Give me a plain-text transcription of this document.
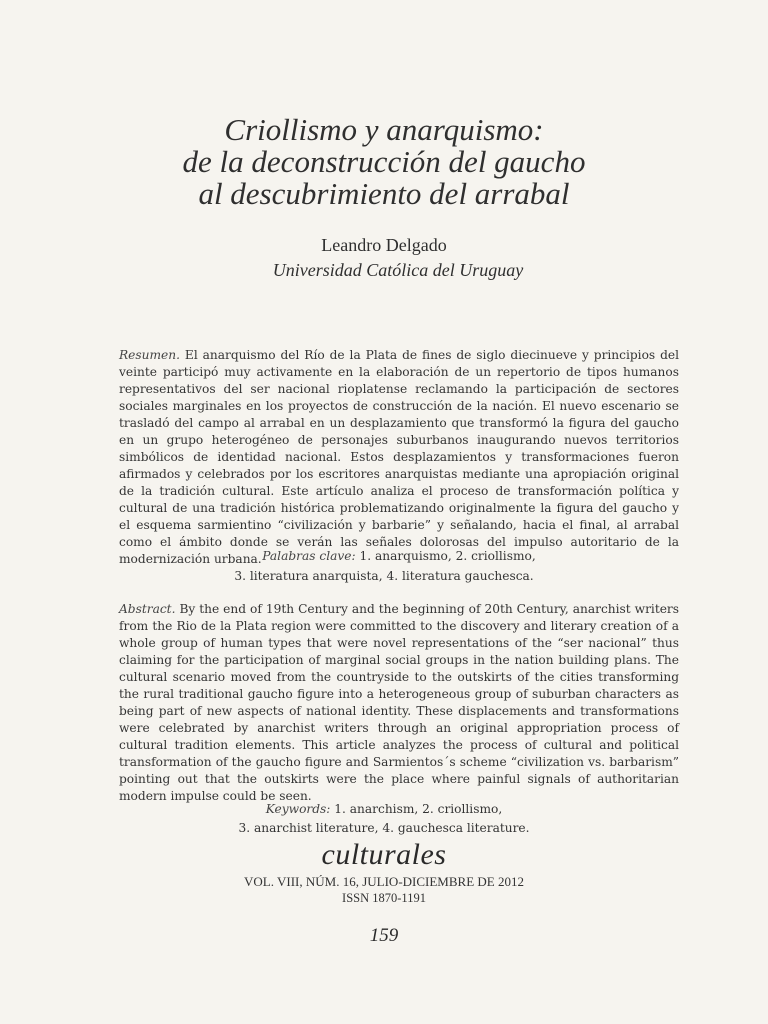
Criollismo y anarquismo:
de la deconstrucción del gaucho
al descubrimiento del arrabal
Leandro Delgado
Universidad Católica del Uruguay
Resumen. El anarquismo del Río de la Plata de fines de siglo diecinueve y principios del veinte participó muy activamente en la elaboración de un repertorio de tipos humanos representativos del ser nacional rioplatense reclamando la participación de sectores sociales marginales en los proyectos de construcción de la nación. El nuevo escenario se trasladó del campo al arrabal en un desplazamiento que transformó la figura del gaucho en un grupo heterogéneo de personajes suburbanos inaugurando nuevos territorios simbólicos de identidad nacional. Estos desplazamientos y transformaciones fueron afirmados y celebrados por los escritores anarquistas mediante una apropiación original de la tradición cultural. Este artículo analiza el proceso de transformación política y cultural de una tradición histórica problematizando originalmente la figura del gaucho y el esquema sarmientino “civilización y barbarie” y señalando, hacia el final, al arrabal como el ámbito donde se verán las señales dolorosas del impulso autoritario de la modernización urbana. Palabras clave: 1. anarquismo, 2. criollismo,
3. literatura anarquista, 4. literatura gauchesca.
Abstract. By the end of 19th Century and the beginning of 20th Century, anarchist writers from the Rio de la Plata region were committed to the discovery and literary creation of a whole group of human types that were novel representations of the “ser nacional” thus claiming for the participation of marginal social groups in the nation building plans. The cultural scenario moved from the countryside to the outskirts of the cities transforming the rural traditional gaucho figure into a heterogeneous group of suburban characters as being part of new aspects of national identity. These displacements and transformations were celebrated by anarchist writers through an original appropriation process of cultural tradition elements. This article analyzes the process of cultural and political transformation of the gaucho figure and Sarmientos´s scheme “civilization vs. barbarism” pointing out that the outskirts were the place where painful signals of authoritarian modern impulse could be seen.
Keywords: 1. anarchism, 2. criollismo,
3. anarchist literature, 4. gauchesca literature.
culturales
VOL. VIII, NÚM. 16, JULIO-DICIEMBRE DE 2012
ISSN 1870-1191
159
